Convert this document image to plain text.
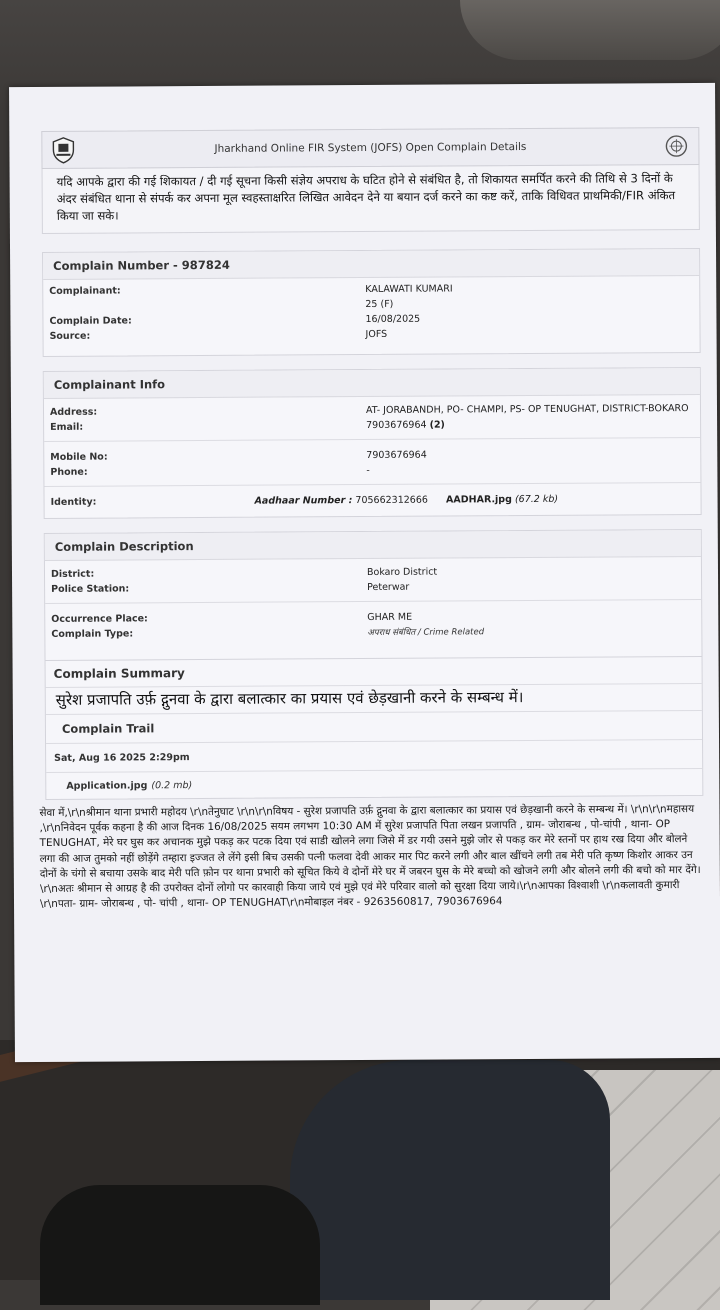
Jharkhand Online FIR System (JOFS) Open Complain Details
यदि आपके द्वारा की गई शिकायत / दी गई सूचना किसी संज्ञेय अपराध के घटित होने से संबंधित है, तो शिकायत समर्पित करने की तिथि से 3 दिनों के अंदर संबंधित थाना से संपर्क कर अपना मूल स्वहस्ताक्षरित लिखित आवेदन देने या बयान दर्ज करने का कष्ट करें, ताकि विधिवत प्राथमिकी/FIR अंकित किया जा सके।
Complain Number - 987824
Complainant:	KALAWATI KUMARI
25 (F)
Complain Date:	16/08/2025
Source:	JOFS
Complainant Info
Address:	AT- JORABANDH, PO- CHAMPI, PS- OP TENUGHAT, DISTRICT-BOKARO
Email:	7903676964 (2)
Mobile No:	7903676964
Phone:	-
Identity:	Aadhaar Number : 705662312666 AADHAR.jpg (67.2 kb)
Complain Description
District:	Bokaro District
Police Station:	Peterwar
Occurrence Place:	GHAR ME
Complain Type:	अपराध संबंधित / Crime Related
Complain Summary
सुरेश प्रजापति उर्फ़ द्गुनवा के द्वारा बलात्कार का प्रयास एवं छेड़खानी करने के सम्बन्ध में।
Complain Trail
Sat, Aug 16 2025 2:29pm
Application.jpg (0.2 mb)
सेवा में,\r\nश्रीमान थाना प्रभारी महोदय \r\nतेनुघाट \r\n\r\nविषय - सुरेश प्रजापति उर्फ़ द्गुनवा के द्वारा बलात्कार का प्रयास एवं छेड़खानी करने के सम्बन्ध में। \r\n\r\nमहासय ,\r\nनिवेदन पूर्वक कहना है की आज दिनक 16/08/2025 सयम लगभग 10:30 AM में सुरेश प्रजापति पिता लखन प्रजापति , ग्राम- जोराबन्ध , पो-चांपी , थाना- OP TENUGHAT, मेरे घर घुस कर अचानक मुझे पकड़ कर पटक दिया एवं साडी खोलने लगा जिसे में डर गयी उसने मुझे जोर से पकड़ कर मेरे स्तनों पर हाथ रख दिया और बोलने लगा की आज तुमको नहीं छोड़ेंगे तम्हारा इज्जत ले लेंगे इसी बिच उसकी पत्नी फलवा देवी आकर मार पिट करने लगी और बाल खींचने लगी तब मेरी पति कृष्ण किशोर आकर उन दोनों के चंगो से बचाया उसके बाद मेरी पति फ़ोन पर थाना प्रभारी को सूचित किये वे दोनों मेरे घर में जबरन घुस के मेरे बच्चो को खोजने लगी और बोलने लगी की बचो को मार देंगे। \r\nअतः श्रीमान से आग्रह है की उपरोक्त दोनों लोगो पर कारवाही किया जाये एवं मुझे एवं मेरे परिवार वालो को सुरक्षा दिया जाये।\r\nआपका विश्वाशी \r\nकलावती कुमारी \r\nपता- ग्राम- जोराबन्ध , पो- चांपी , थाना- OP TENUGHAT\r\nमोबाइल नंबर - 9263560817, 7903676964
